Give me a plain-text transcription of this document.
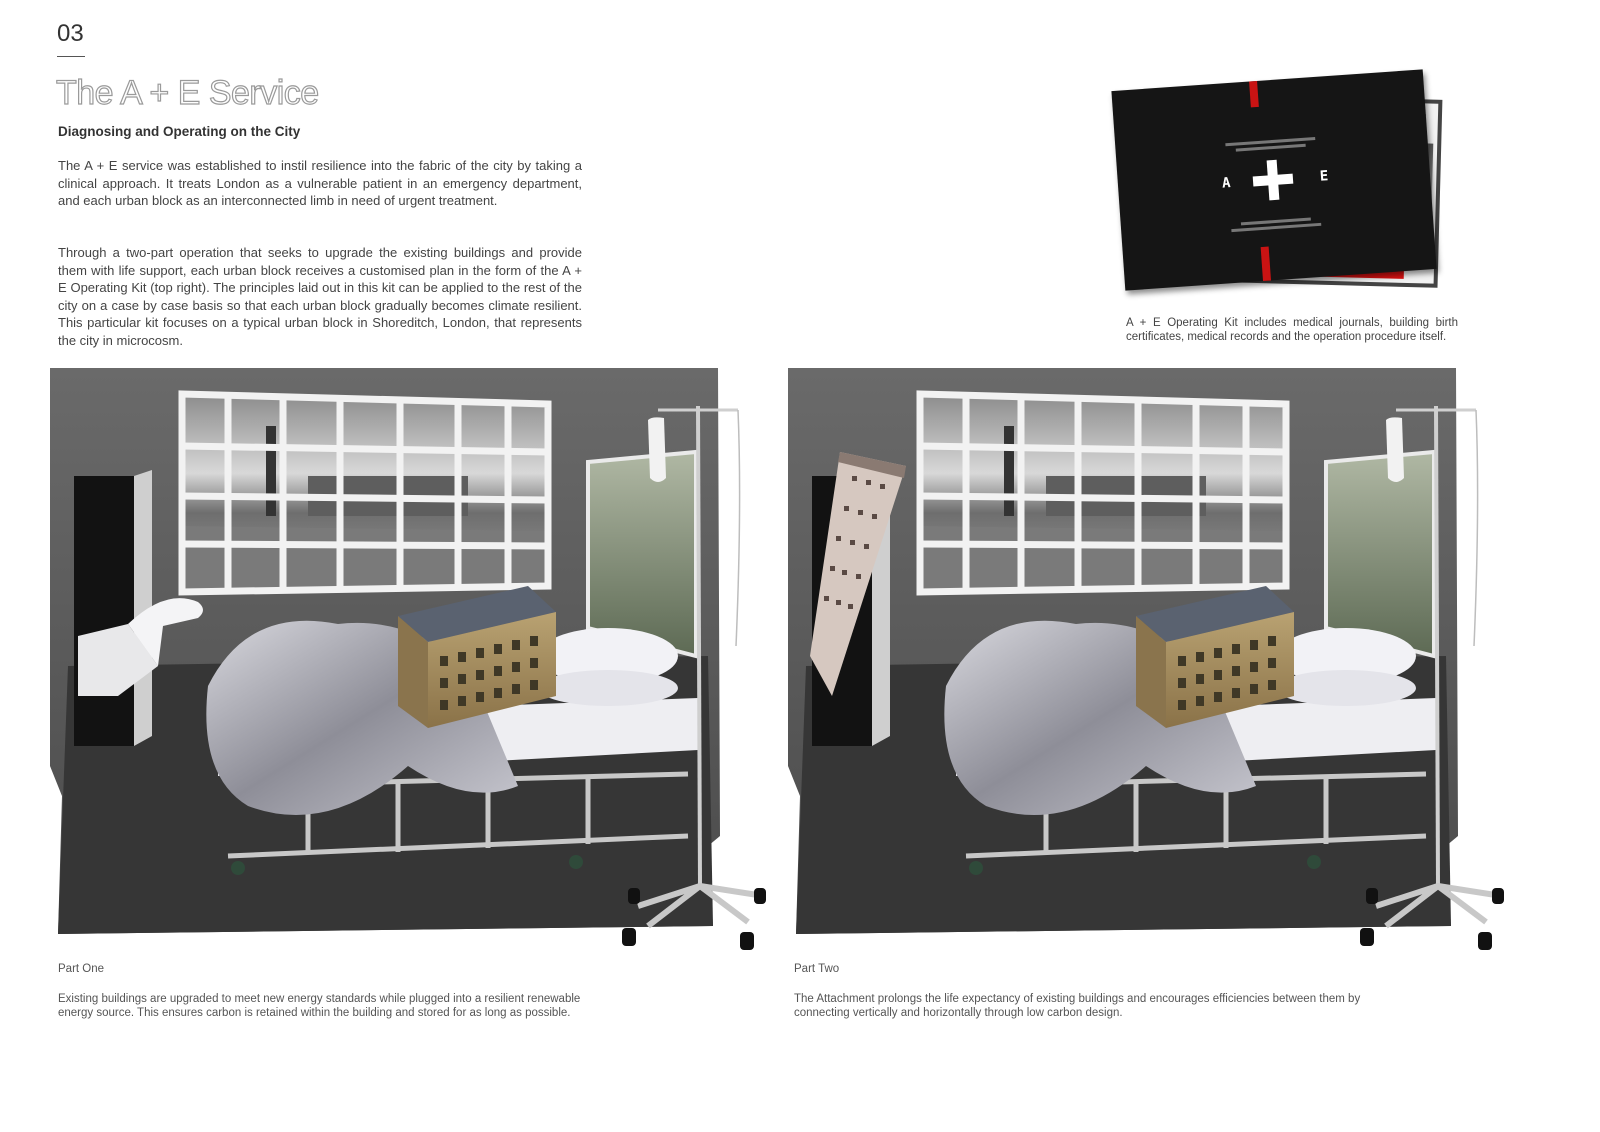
03
The A + E Service
Diagnosing and Operating on the City

The A + E service was established to instil resilience into the fabric of the city by taking a clinical approach. It treats London as a vulnerable patient in an emergency department, and each urban block as an interconnected limb in need of urgent treatment.

Through a two-part operation that seeks to upgrade the existing buildings and provide them with life support, each urban block receives a customised plan in the form of the A + E Operating Kit (top right). The principles laid out in this kit can be applied to the rest of the city on a case by case basis so that each urban block gradually becomes climate resilient. This particular kit focuses on a typical urban block in Shoreditch, London, that represents the city in microcosm.

A	E

A + E Operating Kit includes medical journals, building birth certificates, medical records and the operation procedure itself.

Part One

Existing buildings are upgraded to meet new energy standards while plugged into a resilient renewable energy source. This ensures carbon is retained within the building and stored for as long as possible.

Part Two

The Attachment prolongs the life expectancy of existing buildings and encourages efficiencies between them by connecting vertically and horizontally through low carbon design.
